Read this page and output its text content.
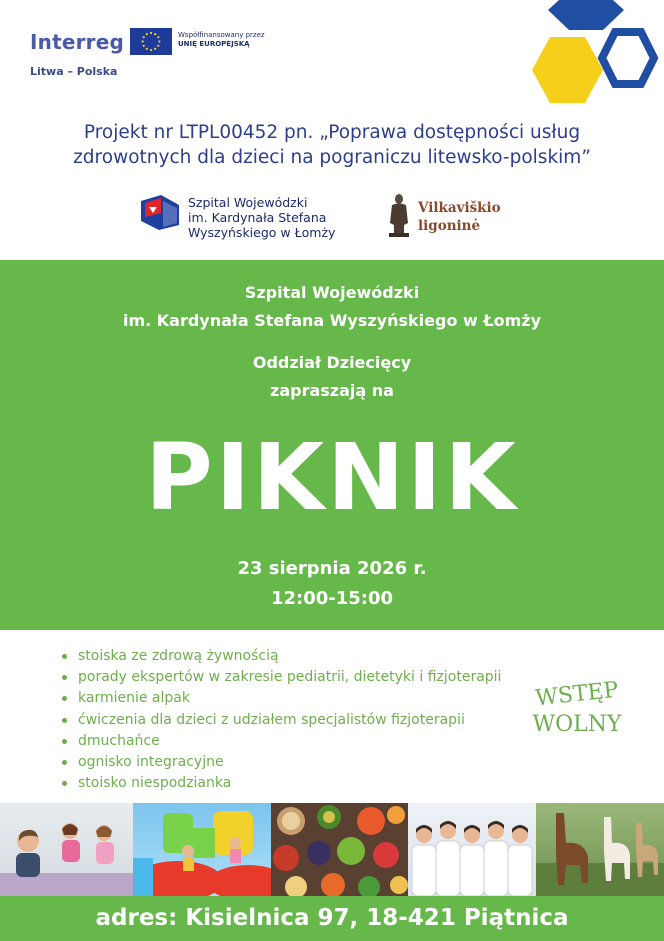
Interreg
Litwa – Polska
Współfinansowany przez
UNIĘ EUROPEJSKĄ
Projekt nr LTPL00452 pn. „Poprawa dostępności usług
zdrowotnych dla dzieci na pograniczu litewsko-polskim”
Szpital Wojewódzki
im. Kardynała Stefana
Wyszyńskiego w Łomży
Vilkaviškio
ligoninė
Szpital Wojewódzki
im. Kardynała Stefana Wyszyńskiego w Łomży
Oddział Dziecięcy
zapraszają na
PIKNIK
23 sierpnia 2026 r.
12:00-15:00
stoiska ze zdrową żywnością
porady ekspertów w zakresie pediatrii, dietetyki i fizjoterapii
karmienie alpak
ćwiczenia dla dzieci z udziałem specjalistów fizjoterapii
dmuchańce
ognisko integracyjne
stoisko niespodzianka
WSTĘP
WOLNY
adres: Kisielnica 97, 18-421 Piątnica
